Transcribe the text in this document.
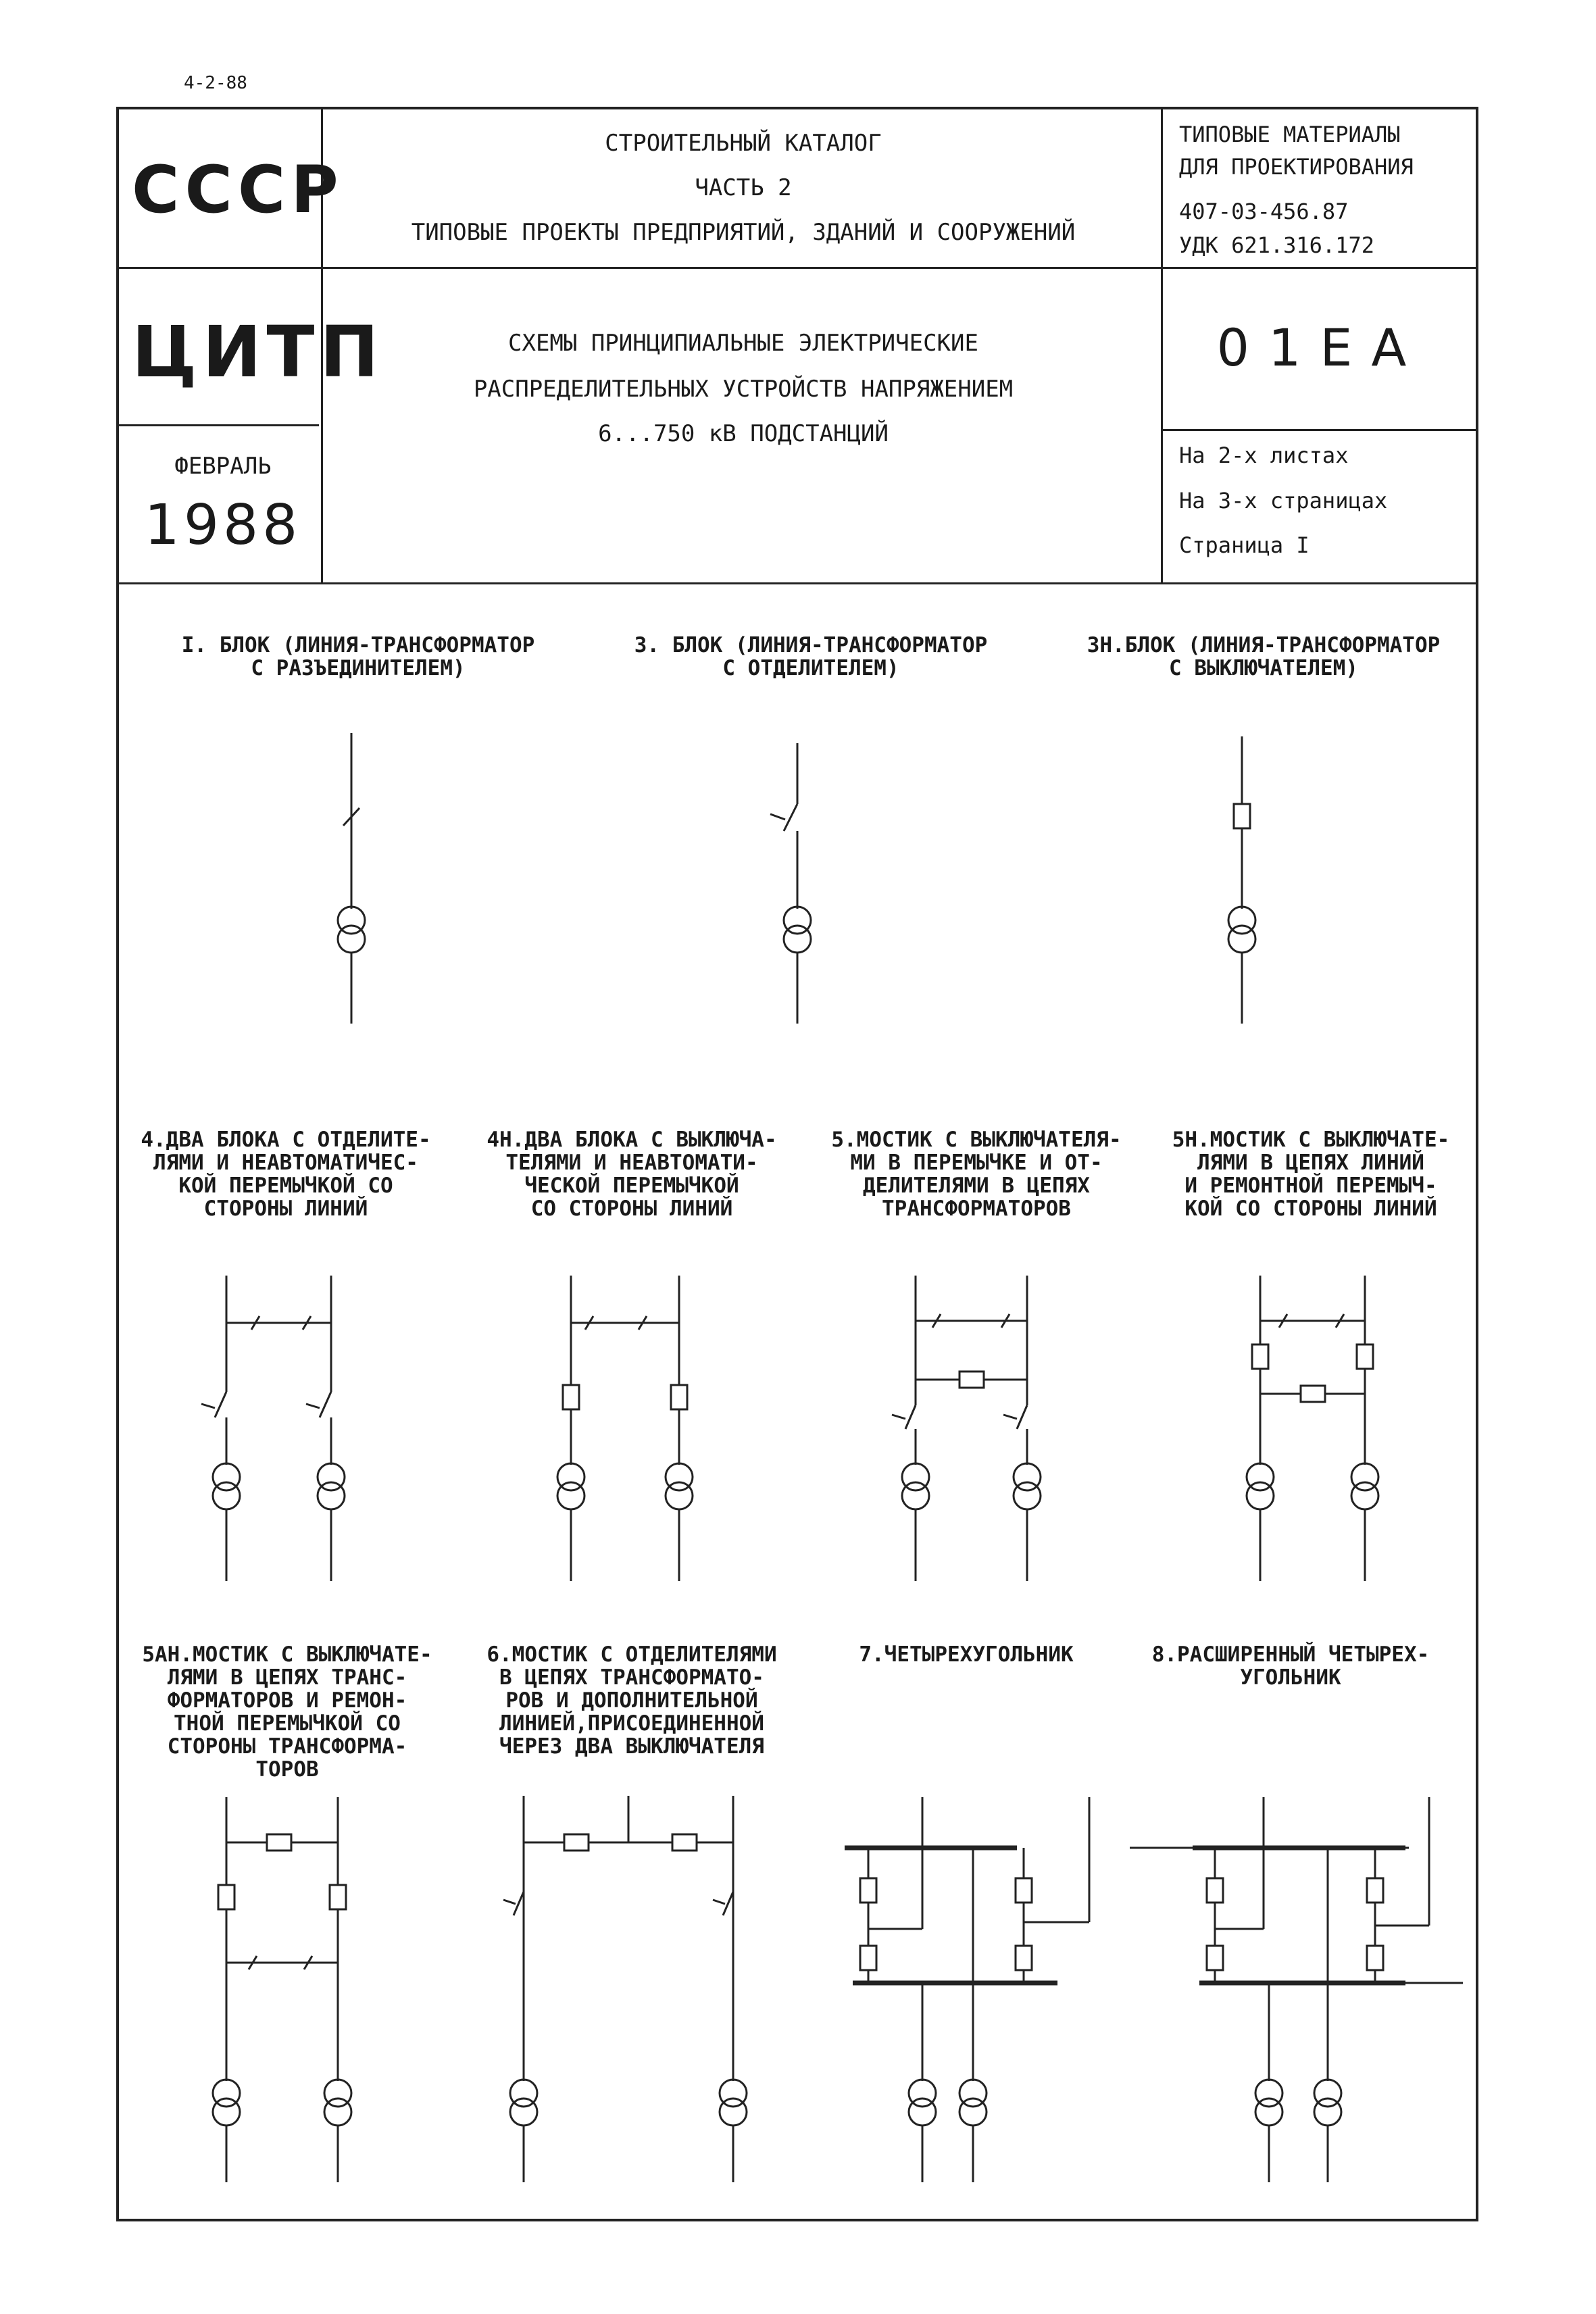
4-2-88
СССР
ЦИТП
ФЕВРАЛЬ
1988
СТРОИТЕЛЬНЫЙ КАТАЛОГ
ЧАСТЬ 2
ТИПОВЫЕ ПРОЕКТЫ ПРЕДПРИЯТИЙ, ЗДАНИЙ И СООРУЖЕНИЙ
СХЕМЫ ПРИНЦИПИАЛЬНЫЕ ЭЛЕКТРИЧЕСКИЕ
РАСПРЕДЕЛИТЕЛЬНЫХ УСТРОЙСТВ НАПРЯЖЕНИЕМ
6...750 кВ ПОДСТАНЦИЙ
ТИПОВЫЕ МАТЕРИАЛЫ
ДЛЯ ПРОЕКТИРОВАНИЯ
407-03-456.87
УДК 621.316.172
01EA
На 2-х листах
На 3-х страницах
Страница I
I. БЛОК (ЛИНИЯ-ТРАНСФОРМАТОР
С РАЗЪЕДИНИТЕЛЕМ)
3. БЛОК (ЛИНИЯ-ТРАНСФОРМАТОР
С ОТДЕЛИТЕЛЕМ)
3Н.БЛОК (ЛИНИЯ-ТРАНСФОРМАТОР
С ВЫКЛЮЧАТЕЛЕМ)
4.ДВА БЛОКА С ОТДЕЛИТЕ-
ЛЯМИ И НЕАВТОМАТИЧЕС-
КОЙ ПЕРЕМЫЧКОЙ СО
СТОРОНЫ ЛИНИЙ
4Н.ДВА БЛОКА С ВЫКЛЮЧА-
ТЕЛЯМИ И НЕАВТОМАТИ-
ЧЕСКОЙ ПЕРЕМЫЧКОЙ
СО СТОРОНЫ ЛИНИЙ
5.МОСТИК С ВЫКЛЮЧАТЕЛЯ-
МИ В ПЕРЕМЫЧКЕ И ОТ-
ДЕЛИТЕЛЯМИ В ЦЕПЯХ
ТРАНСФОРМАТОРОВ
5Н.МОСТИК С ВЫКЛЮЧАТЕ-
ЛЯМИ В ЦЕПЯХ ЛИНИЙ
И РЕМОНТНОЙ ПЕРЕМЫЧ-
КОЙ СО СТОРОНЫ ЛИНИЙ
5АН.МОСТИК С ВЫКЛЮЧАТЕ-
ЛЯМИ В ЦЕПЯХ ТРАНС-
ФОРМАТОРОВ И РЕМОН-
ТНОЙ ПЕРЕМЫЧКОЙ СО
СТОРОНЫ ТРАНСФОРМА-
ТОРОВ
6.МОСТИК С ОТДЕЛИТЕЛЯМИ
В ЦЕПЯХ ТРАНСФОРМАТО-
РОВ И ДОПОЛНИТЕЛЬНОЙ
ЛИНИЕЙ,ПРИСОЕДИНЕННОЙ
ЧЕРЕЗ ДВА ВЫКЛЮЧАТЕЛЯ
7.ЧЕТЫРЕХУГОЛЬНИК	8.РАСШИРЕННЫЙ ЧЕТЫРЕХ-
УГОЛЬНИК
